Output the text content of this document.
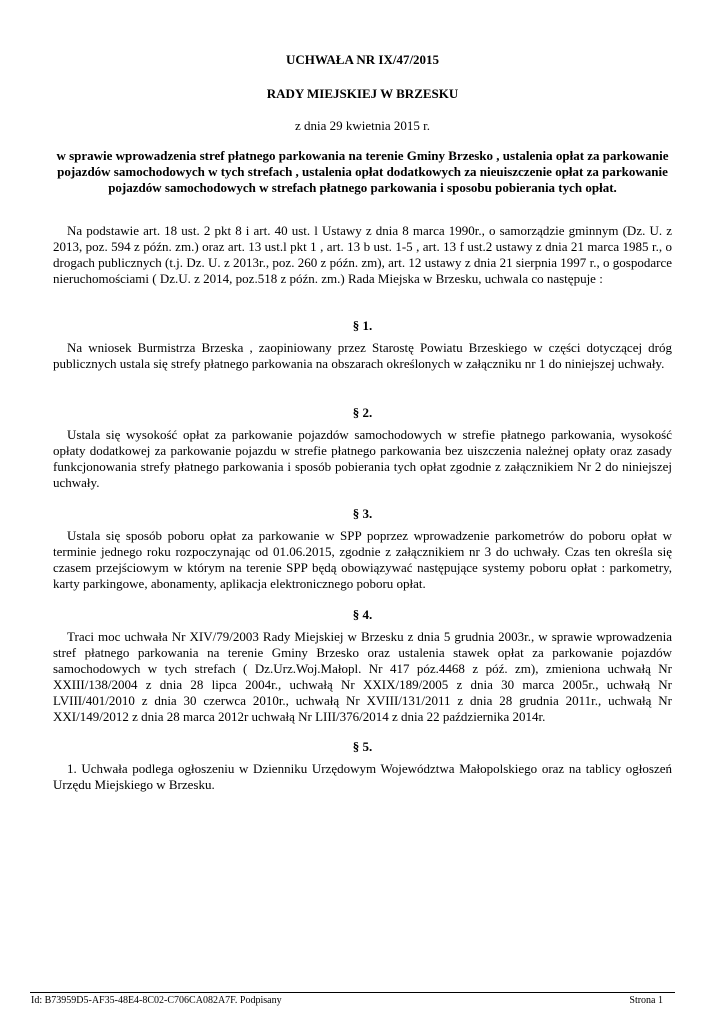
UCHWAŁA NR IX/47/2015
RADY MIEJSKIEJ W BRZESKU
z dnia 29 kwietnia 2015 r.
w sprawie wprowadzenia stref płatnego parkowania na terenie Gminy Brzesko , ustalenia opłat za parkowanie pojazdów samochodowych w tych strefach , ustalenia opłat dodatkowych za nieuiszczenie opłat za parkowanie pojazdów samochodowych w strefach płatnego parkowania i sposobu pobierania tych opłat.
Na podstawie art. 18 ust. 2 pkt 8 i art. 40 ust. l Ustawy z dnia 8 marca 1990r., o samorządzie gminnym (Dz. U. z 2013, poz. 594 z późn. zm.) oraz art. 13 ust.l pkt 1 , art. 13 b ust. 1-5 , art. 13 f ust.2 ustawy z dnia 21 marca 1985 r., o drogach publicznych (t.j. Dz. U. z 2013r., poz. 260 z późn. zm), art. 12 ustawy z dnia 21 sierpnia 1997 r., o gospodarce nieruchomościami ( Dz.U. z 2014, poz.518 z późn. zm.) Rada Miejska w Brzesku, uchwala co następuje :
§ 1.
Na wniosek Burmistrza Brzeska , zaopiniowany przez Starostę Powiatu Brzeskiego w części dotyczącej dróg publicznych ustala się strefy płatnego parkowania na obszarach określonych w załączniku nr 1 do niniejszej uchwały.
§ 2.
Ustala się wysokość opłat za parkowanie pojazdów samochodowych w strefie płatnego parkowania, wysokość opłaty dodatkowej za parkowanie pojazdu w strefie płatnego parkowania bez uiszczenia należnej opłaty oraz zasady funkcjonowania strefy płatnego parkowania i sposób pobierania tych opłat zgodnie z załącznikiem Nr 2 do niniejszej uchwały.
§ 3.
Ustala się sposób poboru opłat za parkowanie w SPP poprzez wprowadzenie parkometrów do poboru opłat w terminie jednego roku rozpoczynając od 01.06.2015, zgodnie z załącznikiem nr 3 do uchwały. Czas ten określa się czasem przejściowym w którym na terenie SPP będą obowiązywać następujące systemy poboru opłat : parkometry, karty parkingowe, abonamenty, aplikacja elektronicznego poboru opłat.
§ 4.
Traci moc uchwała Nr XIV/79/2003 Rady Miejskiej w Brzesku z dnia 5 grudnia 2003r., w sprawie wprowadzenia stref płatnego parkowania na terenie Gminy Brzesko oraz ustalenia stawek opłat za parkowanie pojazdów samochodowych w tych strefach ( Dz.Urz.Woj.Małopl. Nr 417 póz.4468 z póź. zm), zmieniona uchwałą Nr XXIII/138/2004 z dnia 28 lipca 2004r., uchwałą Nr XXIX/189/2005 z dnia 30 marca 2005r., uchwałą Nr LVIII/401/2010 z dnia 30 czerwca 2010r., uchwałą Nr XVIII/131/2011 z dnia 28 grudnia 2011r., uchwałą Nr XXI/149/2012 z dnia 28 marca 2012r uchwałą Nr LIII/376/2014 z dnia 22 października 2014r.
§ 5.
1. Uchwała podlega ogłoszeniu w Dzienniku Urzędowym Województwa Małopolskiego oraz na tablicy ogłoszeń Urzędu Miejskiego w Brzesku.
Id: B73959D5-AF35-48E4-8C02-C706CA082A7F. Podpisany	Strona 1
